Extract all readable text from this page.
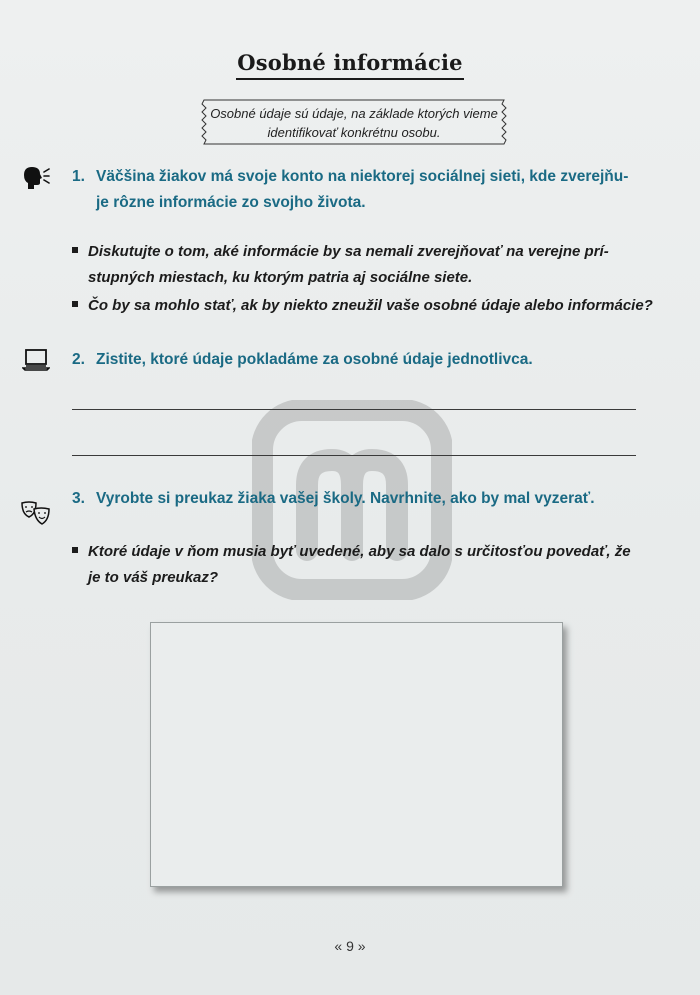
Osobné informácie
Osobné údaje sú údaje, na základe ktorých vieme
identifikovať konkrétnu osobu.
1. Väčšina žiakov má svoje konto na niektorej sociálnej sieti, kde zverejňu-
je rôzne informácie zo svojho života.
Diskutujte o tom, aké informácie by sa nemali zverejňovať na verejne prí-
stupných miestach, ku ktorým patria aj sociálne siete.
Čo by sa mohlo stať, ak by niekto zneužil vaše osobné údaje alebo informácie?
2. Zistite, ktoré údaje pokladáme za osobné údaje jednotlivca.
3. Vyrobte si preukaz žiaka vašej školy. Navrhnite, ako by mal vyzerať.
Ktoré údaje v ňom musia byť uvedené, aby sa dalo s určitosťou povedať, že
je to váš preukaz?
« 9 »
